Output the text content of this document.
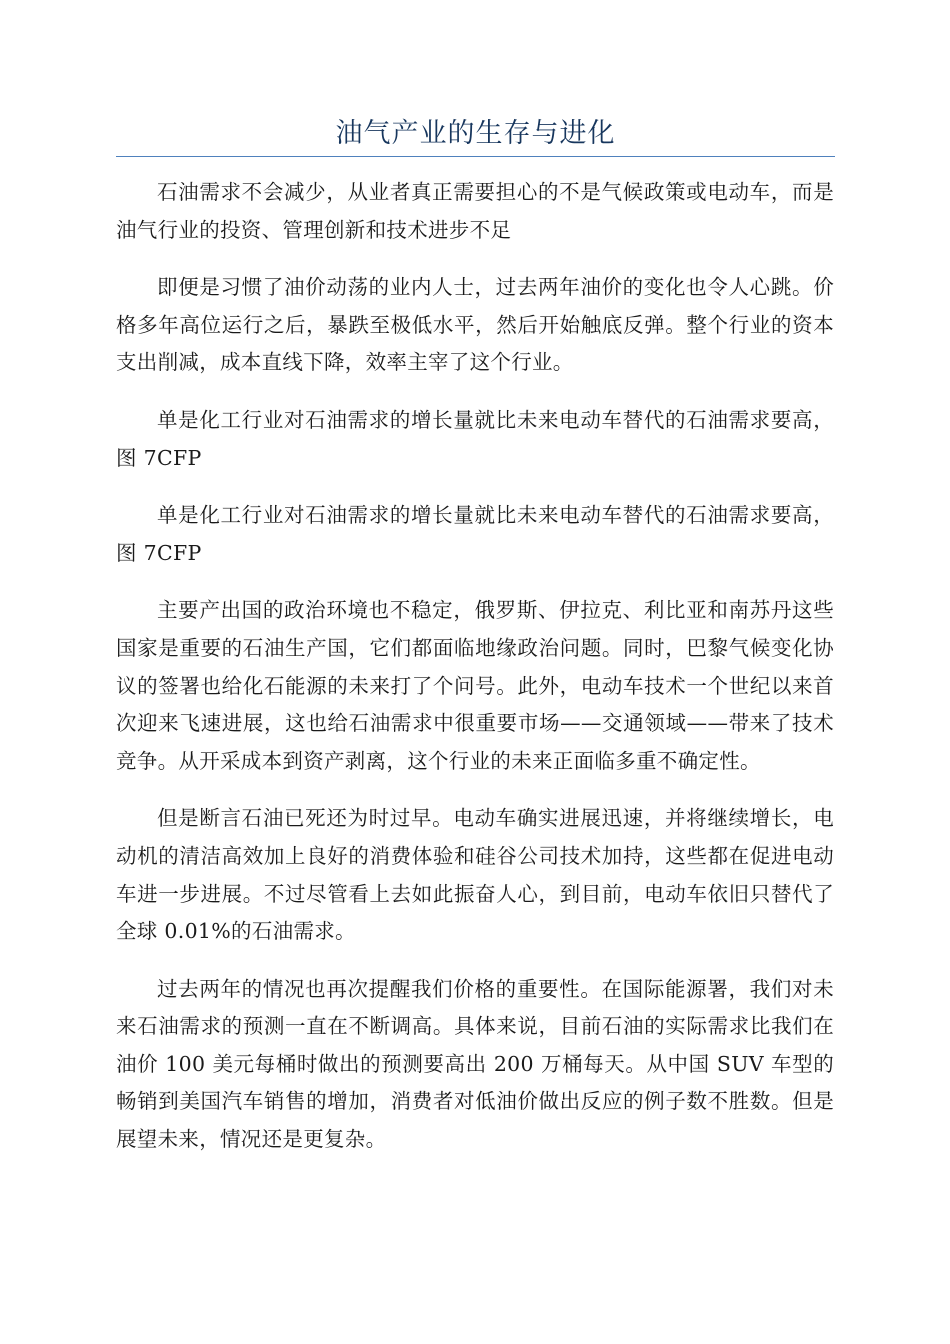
油气产业的生存与进化

石油需求不会减少，从业者真正需要担心的不是气候政策或电动车，而是油气行业的投资、管理创新和技术进步不足

即便是习惯了油价动荡的业内人士，过去两年油价的变化也令人心跳。价格多年高位运行之后，暴跌至极低水平，然后开始触底反弹。整个行业的资本支出削减，成本直线下降，效率主宰了这个行业。

单是化工行业对石油需求的增长量就比未来电动车替代的石油需求要高，图 7CFP

单是化工行业对石油需求的增长量就比未来电动车替代的石油需求要高，图 7CFP

主要产出国的政治环境也不稳定，俄罗斯、伊拉克、利比亚和南苏丹这些国家是重要的石油生产国，它们都面临地缘政治问题。同时，巴黎气候变化协议的签署也给化石能源的未来打了个问号。此外，电动车技术一个世纪以来首次迎来飞速进展，这也给石油需求中很重要市场——交通领域——带来了技术竞争。从开采成本到资产剥离，这个行业的未来正面临多重不确定性。

但是断言石油已死还为时过早。电动车确实进展迅速，并将继续增长，电动机的清洁高效加上良好的消费体验和硅谷公司技术加持，这些都在促进电动车进一步进展。不过尽管看上去如此振奋人心，到目前，电动车依旧只替代了全球 0.01%的石油需求。

过去两年的情况也再次提醒我们价格的重要性。在国际能源署，我们对未来石油需求的预测一直在不断调高。具体来说，目前石油的实际需求比我们在油价 100 美元每桶时做出的预测要高出 200 万桶每天。从中国 SUV 车型的畅销到美国汽车销售的增加，消费者对低油价做出反应的例子数不胜数。但是展望未来，情况还是更复杂。
